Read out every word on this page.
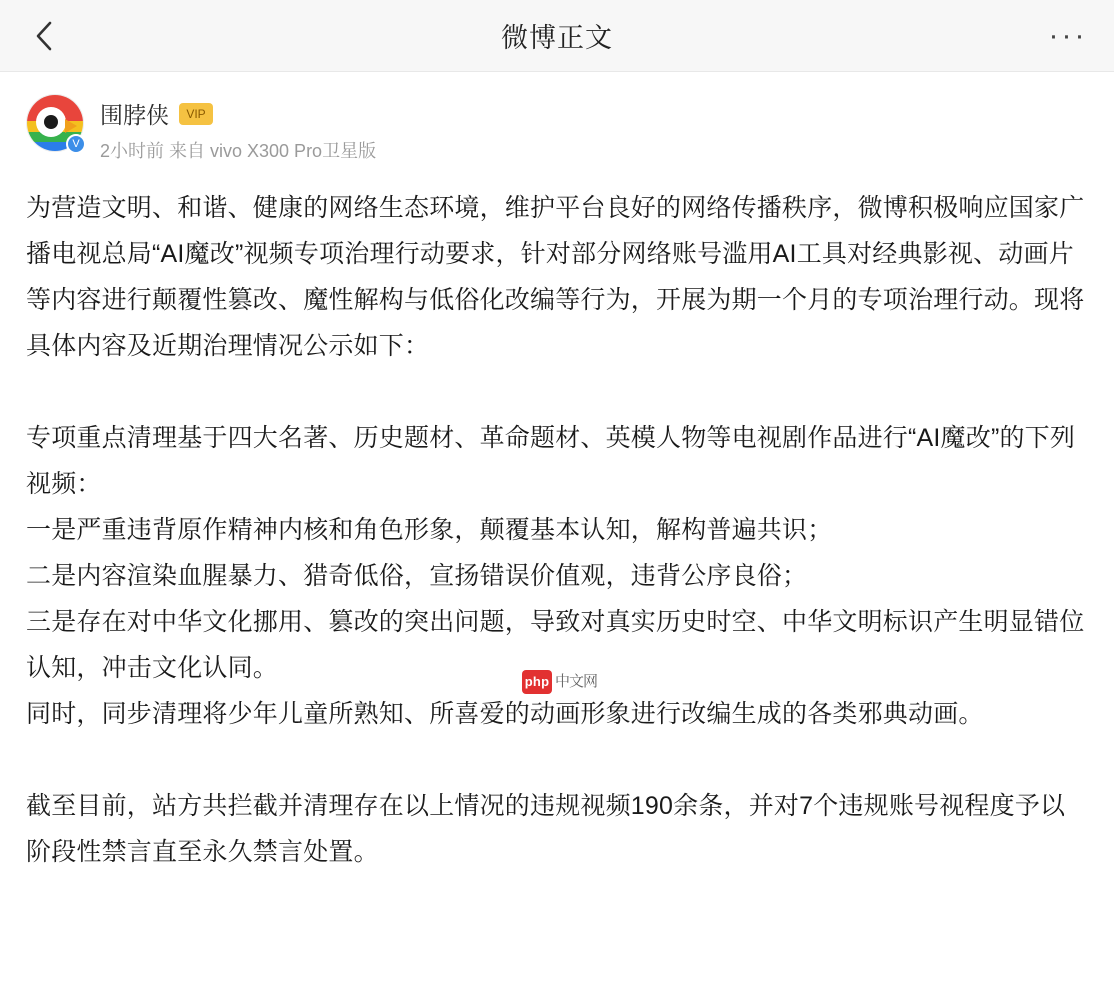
微博正文	···
V
围脖侠	VIP
2小时前 来自 vivo X300 Pro卫星版

为营造文明、和谐、健康的网络生态环境，维护平台良好的网络传播秩序，微博积极响应国家广播电视总局“AI魔改”视频专项治理行动要求，针对部分网络账号滥用AI工具对经典影视、动画片等内容进行颠覆性篡改、魔性解构与低俗化改编等行为，开展为期一个月的专项治理行动。现将具体内容及近期治理情况公示如下：

专项重点清理基于四大名著、历史题材、革命题材、英模人物等电视剧作品进行“AI魔改”的下列视频：

一是严重违背原作精神内核和角色形象，颠覆基本认知，解构普遍共识；

二是内容渲染血腥暴力、猎奇低俗，宣扬错误价值观，违背公序良俗；

三是存在对中华文化挪用、篡改的突出问题，导致对真实历史时空、中华文明标识产生明显错位认知，冲击文化认同。

同时，同步清理将少年儿童所熟知、所喜爱的动画形象进行改编生成的各类邪典动画。

截至目前，站方共拦截并清理存在以上情况的违规视频190余条，并对7个违规账号视程度予以阶段性禁言直至永久禁言处置。

php 中文网
